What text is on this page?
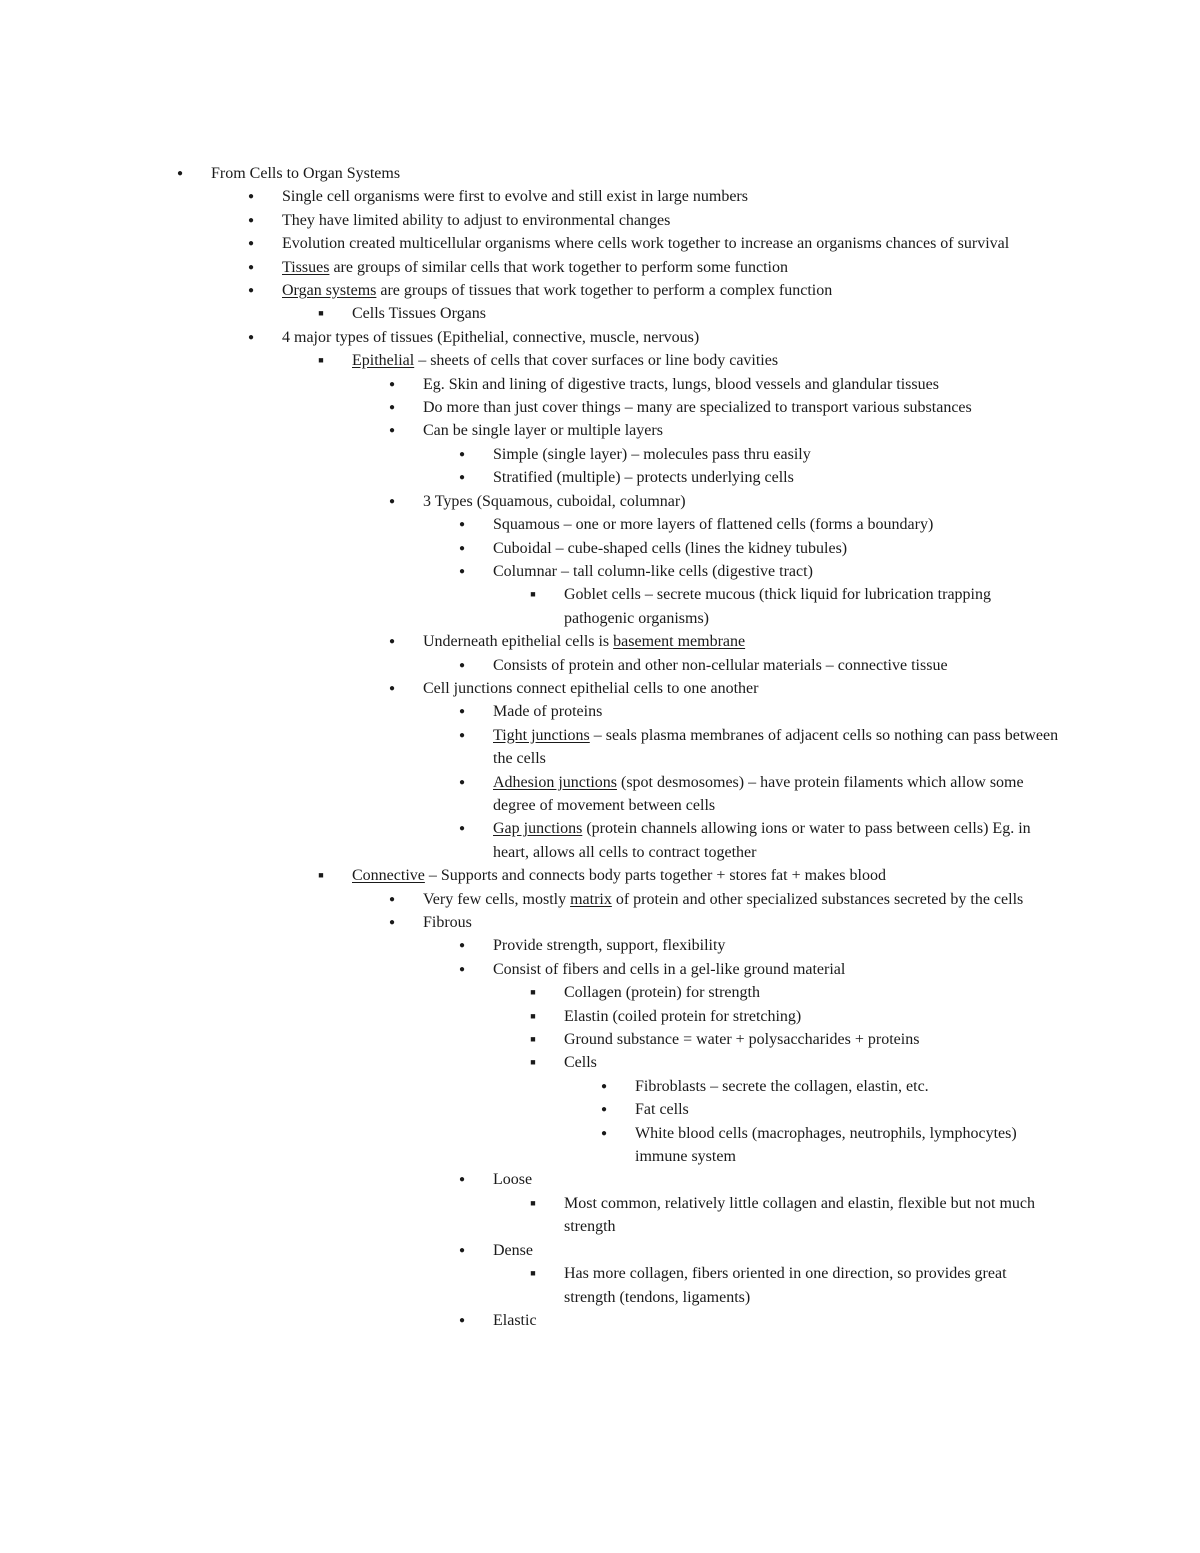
●
From Cells to Organ Systems
●
Single cell organisms were first to evolve and still exist in large numbers
●
They have limited ability to adjust to environmental changes
●
Evolution created multicellular organisms where cells work together to increase an organisms chances of survival
●
Tissues are groups of similar cells that work together to perform some function
●
Organ systems are groups of tissues that work together to perform a complex function
■
Cells Tissues Organs
●
4 major types of tissues (Epithelial, connective, muscle, nervous)
■
Epithelial – sheets of cells that cover surfaces or line body cavities
●
Eg. Skin and lining of digestive tracts, lungs, blood vessels and glandular tissues
●
Do more than just cover things – many are specialized to transport various substances
●
Can be single layer or multiple layers
●
Simple (single layer) – molecules pass thru easily
●
Stratified (multiple) – protects underlying cells
●
3 Types (Squamous, cuboidal, columnar)
●
Squamous – one or more layers of flattened cells (forms a boundary)
●
Cuboidal – cube-shaped cells (lines the kidney tubules)
●
Columnar – tall column-like cells (digestive tract)
■
Goblet cells – secrete mucous (thick liquid for lubrication trapping pathogenic organisms)
●
Underneath epithelial cells is basement membrane
●
Consists of protein and other non-cellular materials – connective tissue
●
Cell junctions connect epithelial cells to one another
●
Made of proteins
●
Tight junctions – seals plasma membranes of adjacent cells so nothing can pass between the cells
●
Adhesion junctions (spot desmosomes) – have protein filaments which allow some degree of movement between cells
●
Gap junctions (protein channels allowing ions or water to pass between cells) Eg. in heart, allows all cells to contract together
■
Connective – Supports and connects body parts together + stores fat + makes blood
●
Very few cells, mostly matrix of protein and other specialized substances secreted by the cells
●
Fibrous
●
Provide strength, support, flexibility
●
Consist of fibers and cells in a gel-like ground material
■
Collagen (protein) for strength
■
Elastin (coiled protein for stretching)
■
Ground substance = water + polysaccharides + proteins
■
Cells
●
Fibroblasts – secrete the collagen, elastin, etc.
●
Fat cells
●
White blood cells (macrophages, neutrophils, lymphocytes) immune system
●
Loose
■
Most common, relatively little collagen and elastin, flexible but not much strength
●
Dense
■
Has more collagen, fibers oriented in one direction, so provides great strength (tendons, ligaments)
●
Elastic
